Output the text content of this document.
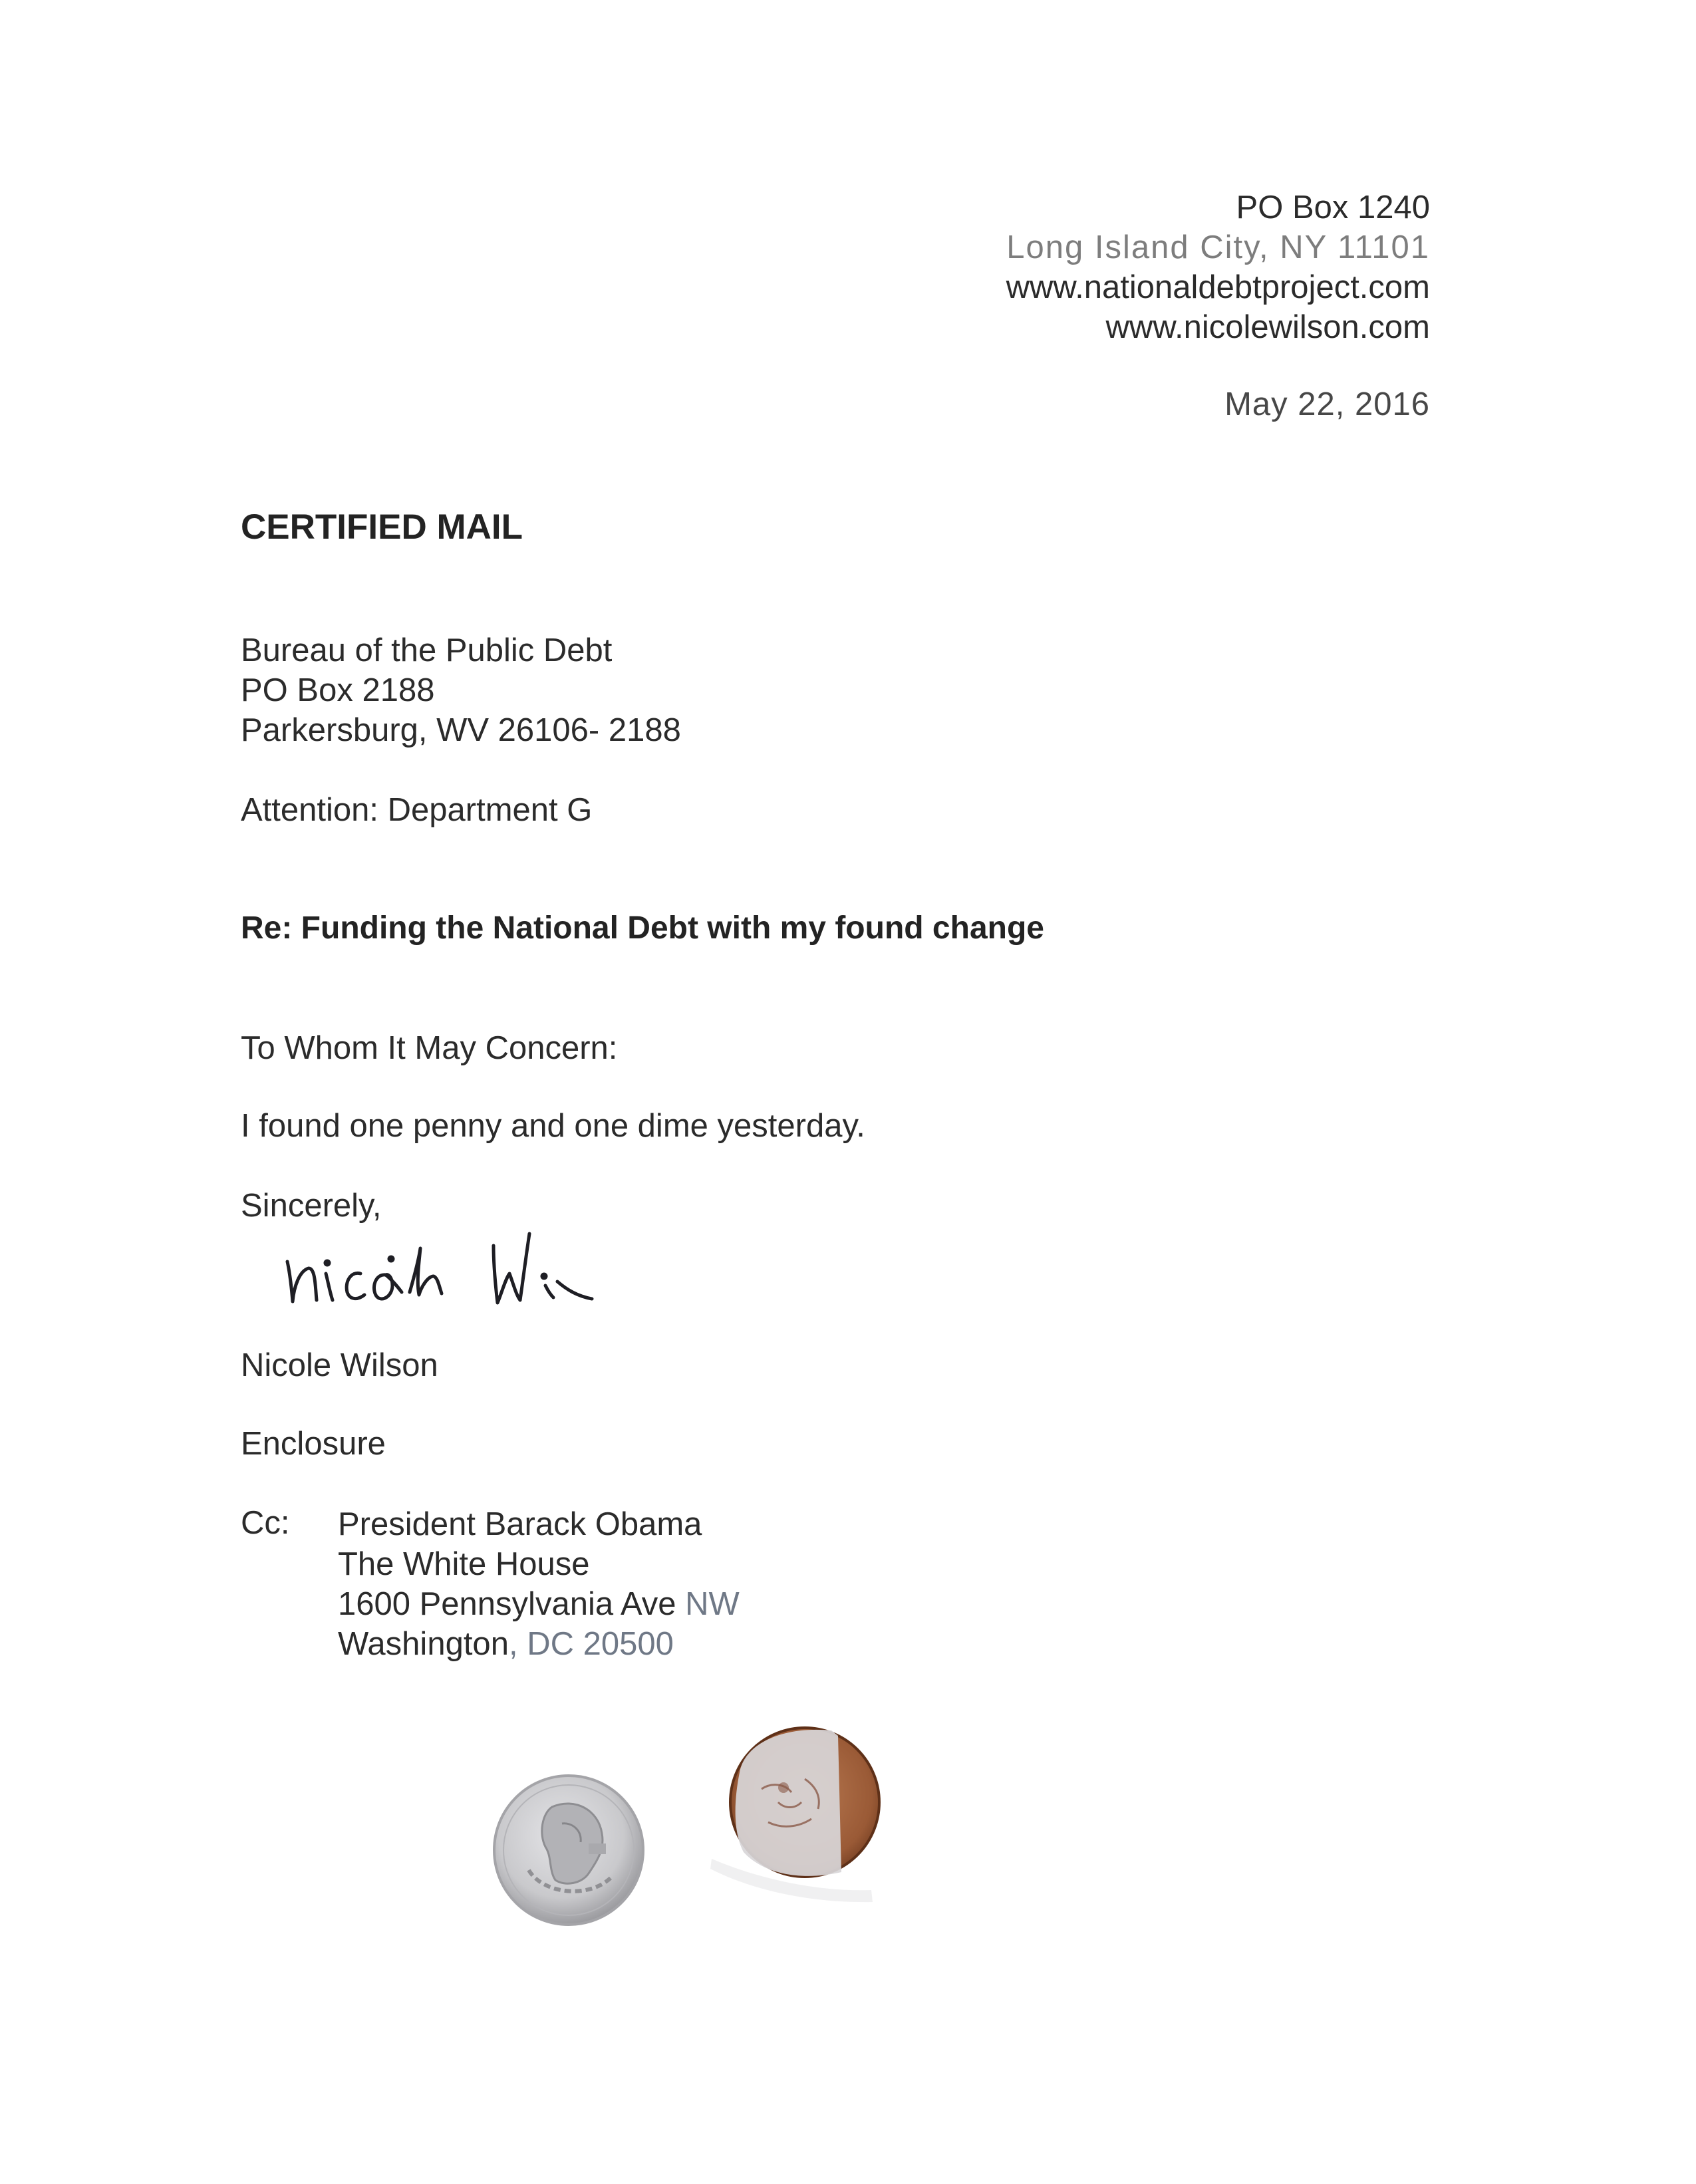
PO Box 1240
Long Island City, NY 11101
www.nationaldebtproject.com
www.nicolewilson.com
May 22, 2016
CERTIFIED MAIL
Bureau of the Public Debt
PO Box 2188
Parkersburg, WV 26106- 2188
Attention: Department G
Re: Funding the National Debt with my found change
To Whom It May Concern:
I found one penny and one dime yesterday.
Sincerely,
Nicole Wilson
Enclosure
Cc: President Barack Obama
The White House
1600 Pennsylvania Ave NW
Washington, DC 20500
